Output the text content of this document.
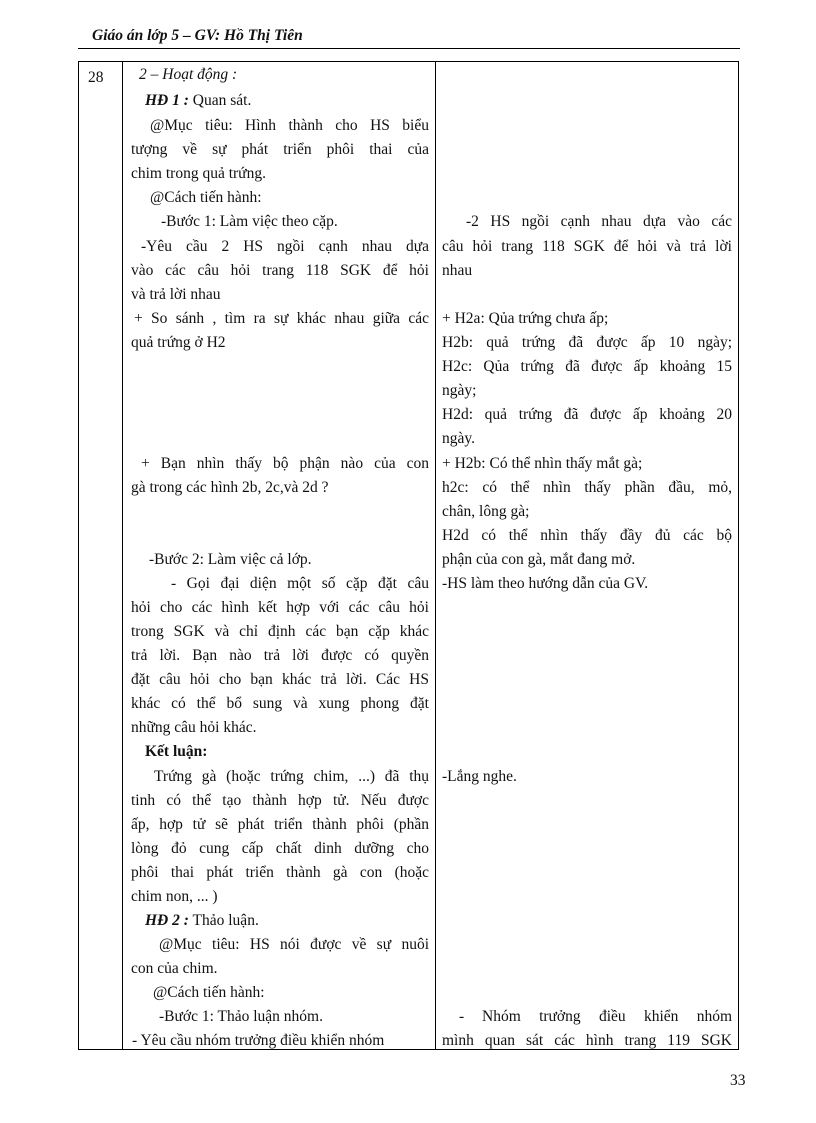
Giáo án lớp 5 – GV: Hồ Thị Tiên
28 2 – Hoạt động :
HĐ 1 : Quan sát.
@Mục tiêu: Hình thành cho HS biểu
tượng về sự phát triển phôi thai của
chim trong quả trứng.
@Cách tiến hành:
-Bước 1: Làm việc theo cặp.
-Yêu cầu 2 HS ngồi cạnh nhau dựa
vào các câu hỏi trang 118 SGK để hỏi
và trả lời nhau
+ So sánh , tìm ra sự khác nhau giữa các
quả trứng ở H2
+ Bạn nhìn thấy bộ phận nào của con
gà trong các hình 2b, 2c,và 2d ?
-Bước 2: Làm việc cả lớp.
- Gọi đại diện một số cặp đặt câu
hỏi cho các hình kết hợp với các câu hỏi
trong SGK và chỉ định các bạn cặp khác
trả lời. Bạn nào trả lời được có quyền
đặt câu hỏi cho bạn khác trả lời. Các HS
khác có thể bổ sung và xung phong đặt
những câu hỏi khác.
Kết luận:
Trứng gà (hoặc trứng chim, ...) đã thụ
tinh có thể tạo thành hợp tử. Nếu được
ấp, hợp tử sẽ phát triển thành phôi (phần
lòng đỏ cung cấp chất dinh dưỡng cho
phôi thai phát triển thành gà con (hoặc
chim non, ... )
HĐ 2 : Thảo luận.
@Mục tiêu: HS nói được về sự nuôi
con của chim.
@Cách tiến hành:
-Bước 1: Thảo luận nhóm.
- Yêu cầu nhóm trưởng điều khiển nhóm
-2 HS ngồi cạnh nhau dựa vào các
câu hỏi trang 118 SGK để hỏi và trả lời
nhau
+ H2a: Qủa trứng chưa ấp;
H2b: quả trứng đã được ấp 10 ngày;
H2c: Qủa trứng đã được ấp khoảng 15
ngày;
H2d: quả trứng đã được ấp khoảng 20
ngày.
+ H2b: Có thể nhìn thấy mắt gà;
h2c: có thể nhìn thấy phần đầu, mỏ,
chân, lông gà;
H2d có thể nhìn thấy đầy đủ các bộ
phận của con gà, mắt đang mở.
-HS làm theo hướng dẫn của GV.
-Lắng nghe.
-	Nhóm trưởng điều khiển nhóm
mình quan sát các hình trang 119 SGK
33
